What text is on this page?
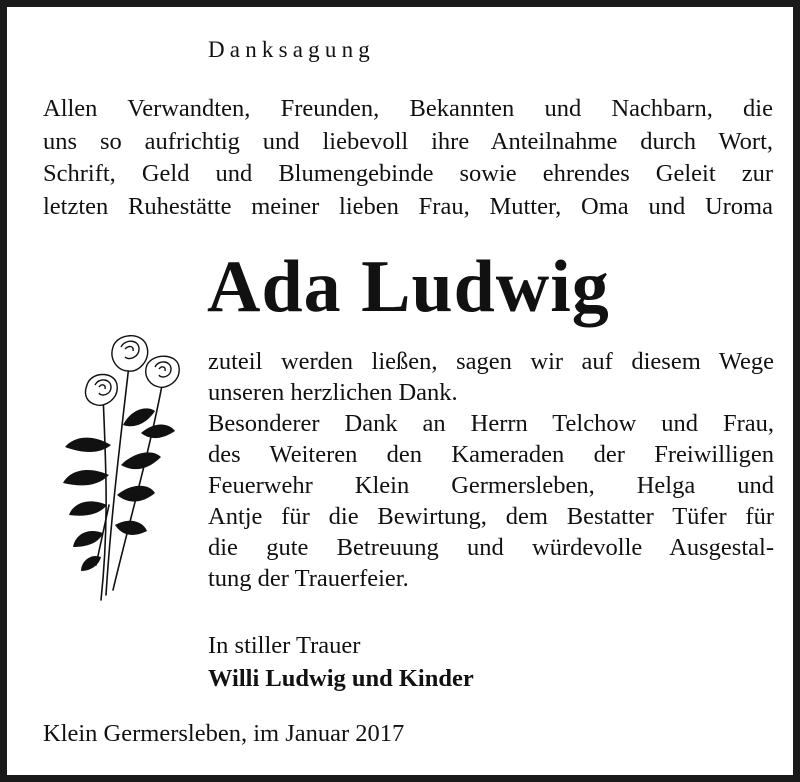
Danksagung
Allen Verwandten, Freunden, Bekannten und Nachbarn, die
uns so aufrichtig und liebevoll ihre Anteilnahme durch Wort,
Schrift, Geld und Blumengebinde sowie ehrendes Geleit zur
letzten Ruhestätte meiner lieben Frau, Mutter, Oma und Uroma
Ada Ludwig
zuteil werden ließen, sagen wir auf diesem Wege
unseren herzlichen Dank.
Besonderer Dank an Herrn Telchow und Frau,
des Weiteren den Kameraden der Freiwilligen
Feuerwehr Klein Germersleben, Helga und
Antje für die Bewirtung, dem Bestatter Tüfer für
die gute Betreuung und würdevolle Ausgestal-
tung der Trauerfeier.
In stiller Trauer
Willi Ludwig und Kinder
Klein Germersleben, im Januar 2017
